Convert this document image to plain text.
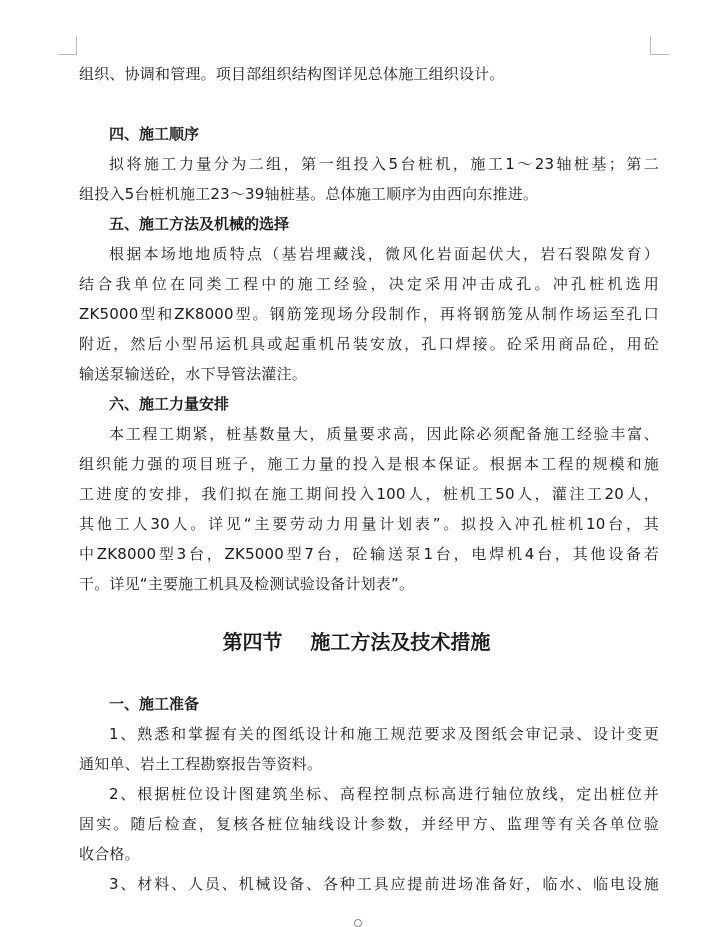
组织、协调和管理。项目部组织结构图详见总体施工组织设计。
四、施工顺序
拟将施工力量分为二组，第一组投入5台桩机，施工1～23轴桩基；第二
组投入5台桩机施工23～39轴桩基。总体施工顺序为由西向东推进。
五、施工方法及机械的选择
根据本场地地质特点（基岩埋藏浅，微风化岩面起伏大，岩石裂隙发育）
结合我单位在同类工程中的施工经验，决定采用冲击成孔。冲孔桩机选用
ZK5000型和ZK8000型。钢筋笼现场分段制作，再将钢筋笼从制作场运至孔口
附近，然后小型吊运机具或起重机吊装安放，孔口焊接。砼采用商品砼，用砼
输送泵输送砼，水下导管法灌注。
六、施工力量安排
本工程工期紧，桩基数量大，质量要求高，因此除必须配备施工经验丰富、
组织能力强的项目班子，施工力量的投入是根本保证。根据本工程的规模和施
工进度的安排，我们拟在施工期间投入100人，桩机工50人，灌注工20人，
其他工人30人。详见“主要劳动力用量计划表”。拟投入冲孔桩机10台，其
中ZK8000型3台，ZK5000型7台，砼输送泵1台，电焊机4台，其他设备若
干。详见“主要施工机具及检测试验设备计划表”。
第四节    施工方法及技术措施
一、施工准备
1、熟悉和掌握有关的图纸设计和施工规范要求及图纸会审记录、设计变更
通知单、岩土工程勘察报告等资料。
2、根据桩位设计图建筑坐标、高程控制点标高进行轴位放线，定出桩位并
固实。随后检查，复核各桩位轴线设计参数，并经甲方、监理等有关各单位验
收合格。
3、材料、人员、机械设备、各种工具应提前进场准备好，临水、临电设施
